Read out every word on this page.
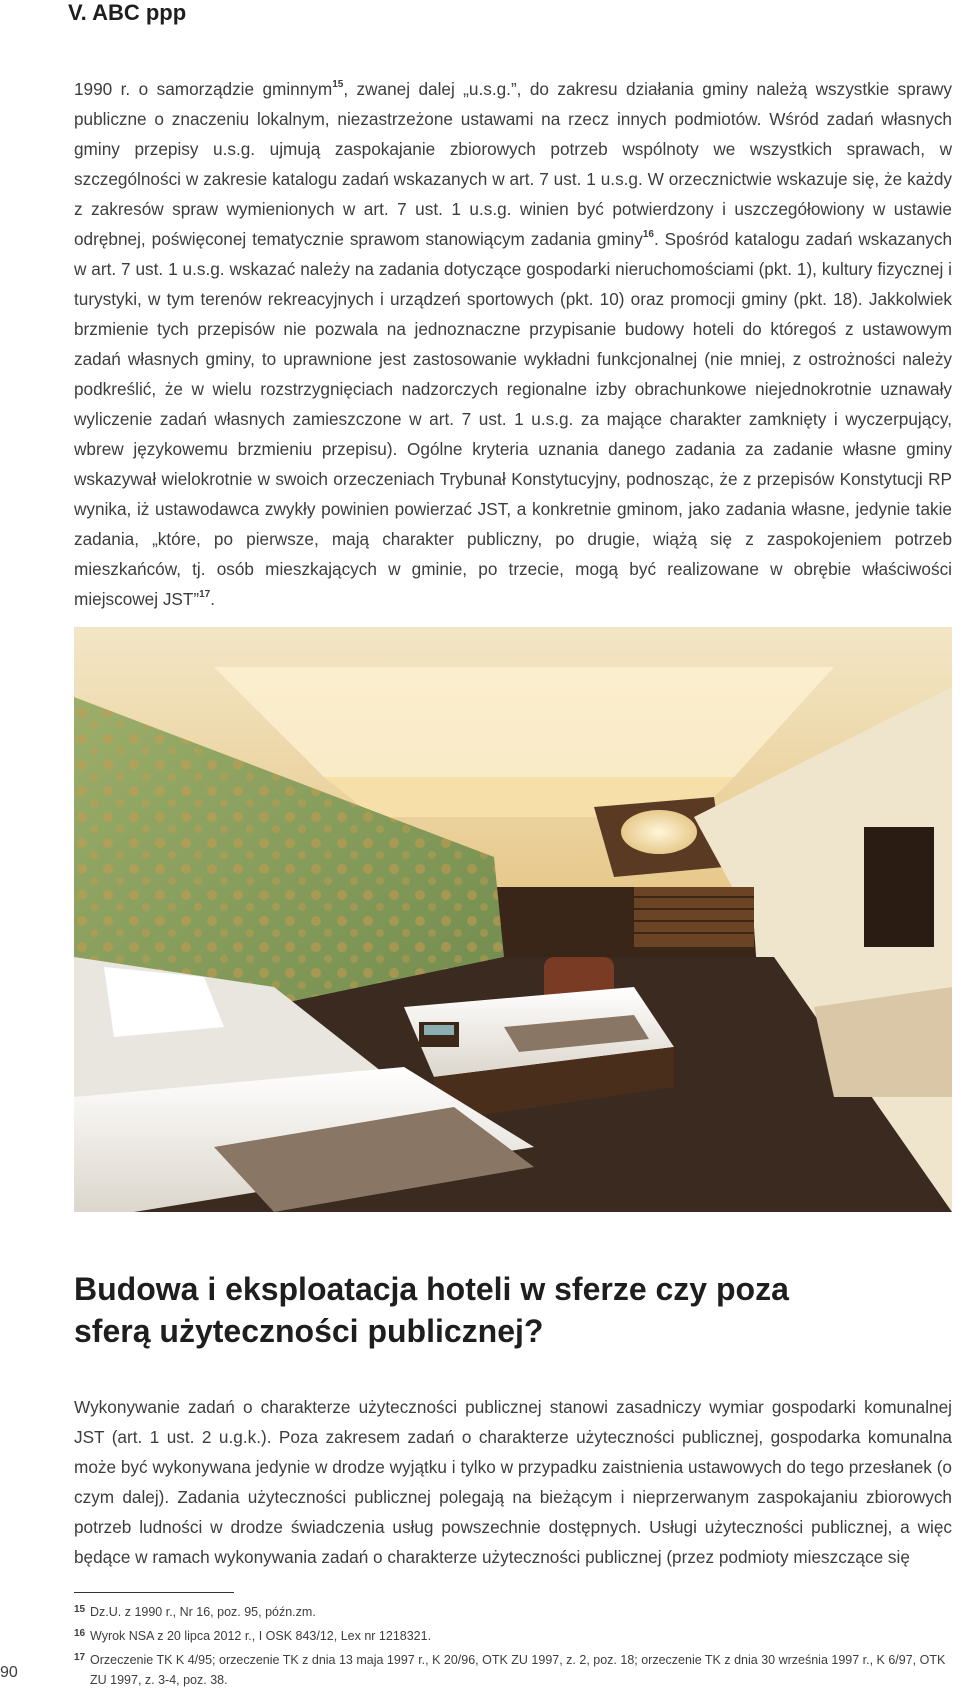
V. ABC ppp

1990 r. o samorządzie gminnym$^{15}$, zwanej dalej „u.s.g.”, do zakresu działania gminy należą wszystkie sprawy publiczne o znaczeniu lokalnym, niezastrzeżone ustawami na rzecz innych podmiotów. Wśród zadań własnych gminy przepisy u.s.g. ujmują zaspokajanie zbiorowych potrzeb wspólnoty we wszystkich sprawach, w szczególności w zakresie katalogu zadań wskazanych w art. 7 ust. 1 u.s.g. W orzecznictwie wskazuje się, że każdy z zakresów spraw wymienionych w art. 7 ust. 1 u.s.g. winien być potwierdzony i uszczegółowiony w ustawie odrębnej, poświęconej tematycznie sprawom stanowiącym zadania gminy$^{16}$. Spośród katalogu zadań wskazanych w art. 7 ust. 1 u.s.g. wskazać należy na zadania dotyczące gospodarki nieruchomościami (pkt. 1), kultury fizycznej i turystyki, w tym terenów rekreacyjnych i urządzeń sportowych (pkt. 10) oraz promocji gminy (pkt. 18). Jakkolwiek brzmienie tych przepisów nie pozwala na jednoznaczne przypisanie budowy hoteli do któregoś z ustawowym zadań własnych gminy, to uprawnione jest zastosowanie wykładni funkcjonalnej (nie mniej, z ostrożności należy podkreślić, że w wielu rozstrzygnięciach nadzorczych regionalne izby obrachunkowe niejednokrotnie uznawały wyliczenie zadań własnych zamieszczone w art. 7 ust. 1 u.s.g. za mające charakter zamknięty i wyczerpujący, wbrew językowemu brzmieniu przepisu). Ogólne kryteria uznania danego zadania za zadanie własne gminy wskazywał wielokrotnie w swoich orzeczeniach Trybunał Konstytucyjny, podnosząc, że z przepisów Konstytucji RP wynika, iż ustawodawca zwykły powinien powierzać JST, a konkretnie gminom, jako zadania własne, jedynie takie zadania, „które, po pierwsze, mają charakter publiczny, po drugie, wiążą się z zaspokojeniem potrzeb mieszkańców, tj. osób mieszkających w gminie, po trzecie, mogą być realizowane w obrębie właściwości miejscowej JST”$^{17}$.

Budowa i eksploatacja hoteli w sferze czy poza sferą użyteczności publicznej?

Wykonywanie zadań o charakterze użyteczności publicznej stanowi zasadniczy wymiar gospodarki komunalnej JST (art. 1 ust. 2 u.g.k.). Poza zakresem zadań o charakterze użyteczności publicznej, gospodarka komunalna może być wykonywana jedynie w drodze wyjątku i tylko w przypadku zaistnienia ustawowych do tego przesłanek (o czym dalej). Zadania użyteczności publicznej polegają na bieżącym i nieprzerwanym zaspokajaniu zbiorowych potrzeb ludności w drodze świadczenia usług powszechnie dostępnych. Usługi użyteczności publicznej, a więc będące w ramach wykonywania zadań o charakterze użyteczności publicznej (przez podmioty mieszczące się

15 Dz.U. z 1990 r., Nr 16, poz. 95, późn.zm.
16 Wyrok NSA z 20 lipca 2012 r., I OSK 843/12, Lex nr 1218321.
17 Orzeczenie TK K 4/95; orzeczenie TK z dnia 13 maja 1997 r., K 20/96, OTK ZU 1997, z. 2, poz. 18; orzeczenie TK z dnia 30 września 1997 r., K 6/97, OTK ZU 1997, z. 3-4, poz. 38.
90
